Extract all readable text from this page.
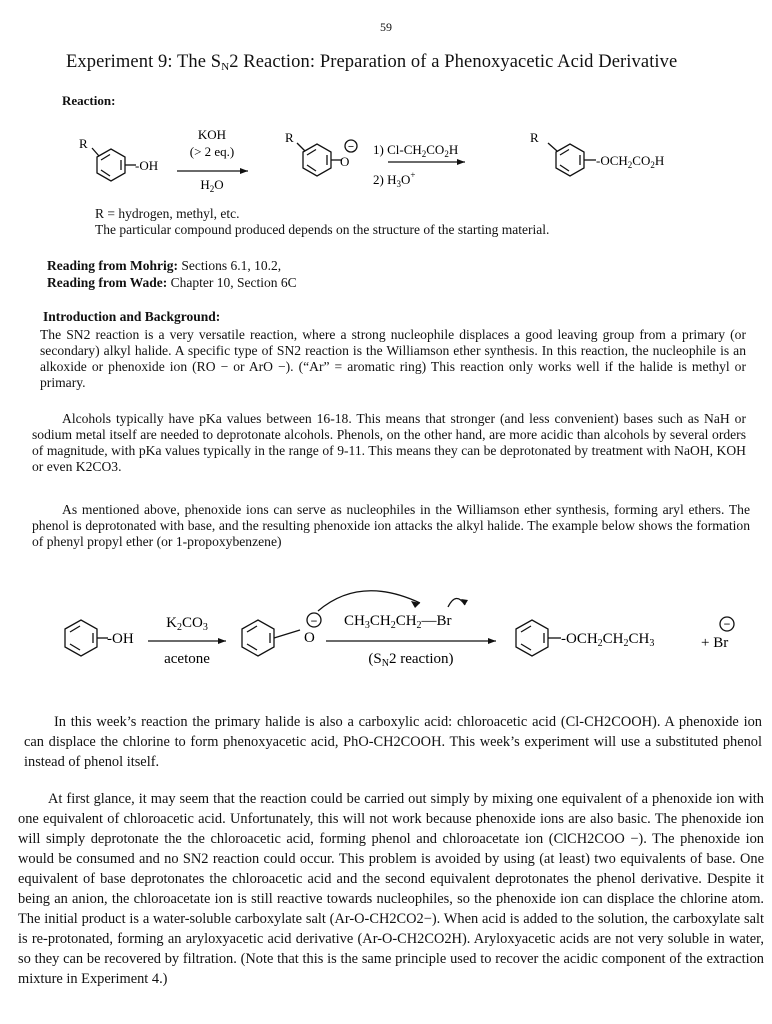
59
Experiment 9: The $S_N2$ Reaction: Preparation of a Phenoxyacetic Acid Derivative
Reaction:
R
-OH
KOH
(> 2 eq.)
$H_2O$
R
O
− 1) $Cl-CH_2CO_2H$
2) $H_3O^+$
R
$-OCH_2CO_2H$
R = hydrogen, methyl, etc.
The particular compound produced depends on the structure of the starting material.
Reading from Mohrig: Sections 6.1, 10.2,
Reading from Wade: Chapter 10, Section 6C
Introduction and Background:
The SN2 reaction is a very versatile reaction, where a strong nucleophile displaces a good leaving group from a primary (or secondary) alkyl halide. A specific type of SN2 reaction is the Williamson ether synthesis. In this reaction, the nucleophile is an alkoxide or phenoxide ion (RO − or ArO −). (“Ar” = aromatic ring) This reaction only works well if the halide is methyl or primary.
Alcohols typically have pKa values between 16-18. This means that stronger (and less convenient) bases such as NaH or sodium metal itself are needed to deprotonate alcohols. Phenols, on the other hand, are more acidic than alcohols by several orders of magnitude, with pKa values typically in the range of 9-11. This means they can be deprotonated by treatment with NaOH, KOH or even K2CO3.
As mentioned above, phenoxide ions can serve as nucleophiles in the Williamson ether synthesis, forming aryl ethers. The phenol is deprotonated with base, and the resulting phenoxide ion attacks the alkyl halide. The example below shows the formation of phenyl propyl ether (or 1-propoxybenzene)
-OH
$K_2CO_3$
acetone
O
− $CH_3CH_2CH_2—Br$
($S_N2$ reaction)
$-OCH_2CH_2CH_3$	+ Br
−
In this week’s reaction the primary halide is also a carboxylic acid: chloroacetic acid (Cl-CH2COOH). A phenoxide ion can displace the chlorine to form phenoxyacetic acid, PhO-CH2COOH. This week’s experiment will use a substituted phenol instead of phenol itself.
At first glance, it may seem that the reaction could be carried out simply by mixing one equivalent of a phenoxide ion with one equivalent of chloroacetic acid. Unfortunately, this will not work because phenoxide ions are also basic. The phenoxide ion will simply deprotonate the the chloroacetic acid, forming phenol and chloroacetate ion (ClCH2COO −). The phenoxide ion would be consumed and no SN2 reaction could occur. This problem is avoided by using (at least) two equivalents of base. One equivalent of base deprotonates the chloroacetic acid and the second equivalent deprotonates the phenol derivative. Despite it being an anion, the chloroacetate ion is still reactive towards nucleophiles, so the phenoxide ion can displace the chlorine atom. The initial product is a water-soluble carboxylate salt (Ar-O-CH2CO2−). When acid is added to the solution, the carboxylate salt is re-protonated, forming an aryloxyacetic acid derivative (Ar-O-CH2CO2H). Aryloxyacetic acids are not very soluble in water, so they can be recovered by filtration. (Note that this is the same principle used to recover the acidic component of the extraction mixture in Experiment 4.)
